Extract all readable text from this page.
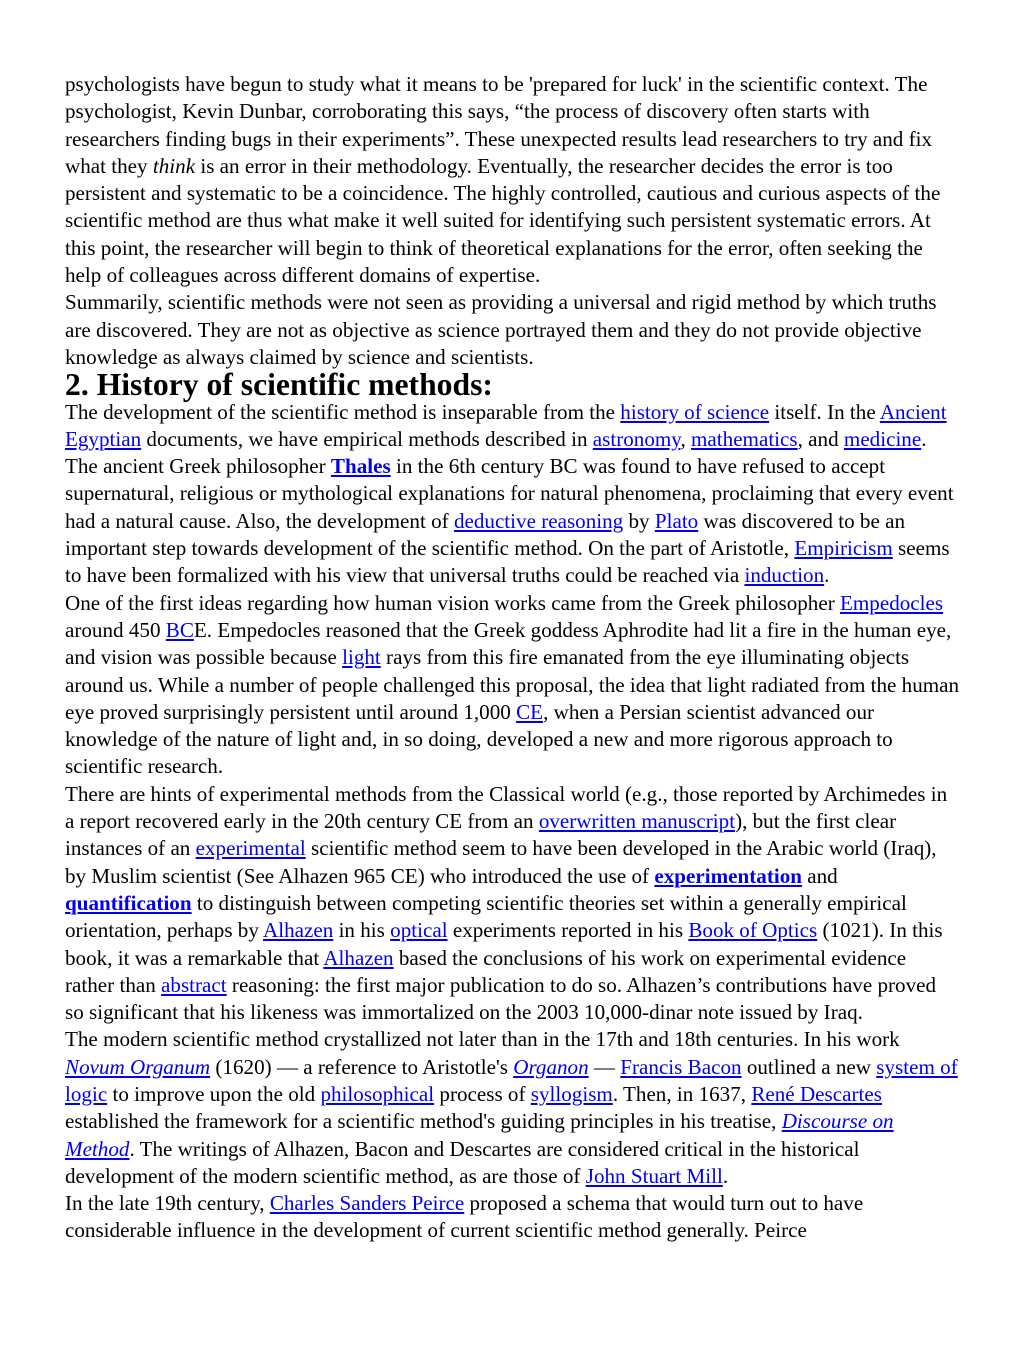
psychologists have begun to study what it means to be 'prepared for luck' in the scientific context. The psychologist, Kevin Dunbar, corroborating this says, “the process of discovery often starts with researchers finding bugs in their experiments”. These unexpected results lead researchers to try and fix what they think is an error in their methodology. Eventually, the researcher decides the error is too persistent and systematic to be a coincidence. The highly controlled, cautious and curious aspects of the scientific method are thus what make it well suited for identifying such persistent systematic errors. At this point, the researcher will begin to think of theoretical explanations for the error, often seeking the help of colleagues across different domains of expertise.

Summarily, scientific methods were not seen as providing a universal and rigid method by which truths are discovered. They are not as objective as science portrayed them and they do not provide objective knowledge as always claimed by science and scientists.

2. History of scientific methods:

The development of the scientific method is inseparable from the history of science itself. In the Ancient Egyptian documents, we have empirical methods described in astronomy, mathematics, and medicine. The ancient Greek philosopher Thales in the 6th century BC was found to have refused to accept supernatural, religious or mythological explanations for natural phenomena, proclaiming that every event had a natural cause. Also, the development of deductive reasoning by Plato was discovered to be an important step towards development of the scientific method. On the part of Aristotle, Empiricism seems to have been formalized with his view that universal truths could be reached via induction.

One of the first ideas regarding how human vision works came from the Greek philosopher Empedocles around 450 BCE. Empedocles reasoned that the Greek goddess Aphrodite had lit a fire in the human eye, and vision was possible because light rays from this fire emanated from the eye illuminating objects around us. While a number of people challenged this proposal, the idea that light radiated from the human eye proved surprisingly persistent until around 1,000 CE, when a Persian scientist advanced our knowledge of the nature of light and, in so doing, developed a new and more rigorous approach to scientific research.

There are hints of experimental methods from the Classical world (e.g., those reported by Archimedes in a report recovered early in the 20th century CE from an overwritten manuscript), but the first clear instances of an experimental scientific method seem to have been developed in the Arabic world (Iraq), by Muslim scientist (See Alhazen 965 CE) who introduced the use of experimentation and quantification to distinguish between competing scientific theories set within a generally empirical orientation, perhaps by Alhazen in his optical experiments reported in his Book of Optics (1021). In this book, it was a remarkable that Alhazen based the conclusions of his work on experimental evidence rather than abstract reasoning: the first major publication to do so. Alhazen’s contributions have proved so significant that his likeness was immortalized on the 2003 10,000-dinar note issued by Iraq.

The modern scientific method crystallized not later than in the 17th and 18th centuries. In his work Novum Organum (1620) — a reference to Aristotle's Organon — Francis Bacon outlined a new system of logic to improve upon the old philosophical process of syllogism. Then, in 1637, René Descartes established the framework for a scientific method's guiding principles in his treatise, Discourse on Method. The writings of Alhazen, Bacon and Descartes are considered critical in the historical development of the modern scientific method, as are those of John Stuart Mill.

In the late 19th century, Charles Sanders Peirce proposed a schema that would turn out to have considerable influence in the development of current scientific method generally. Peirce
